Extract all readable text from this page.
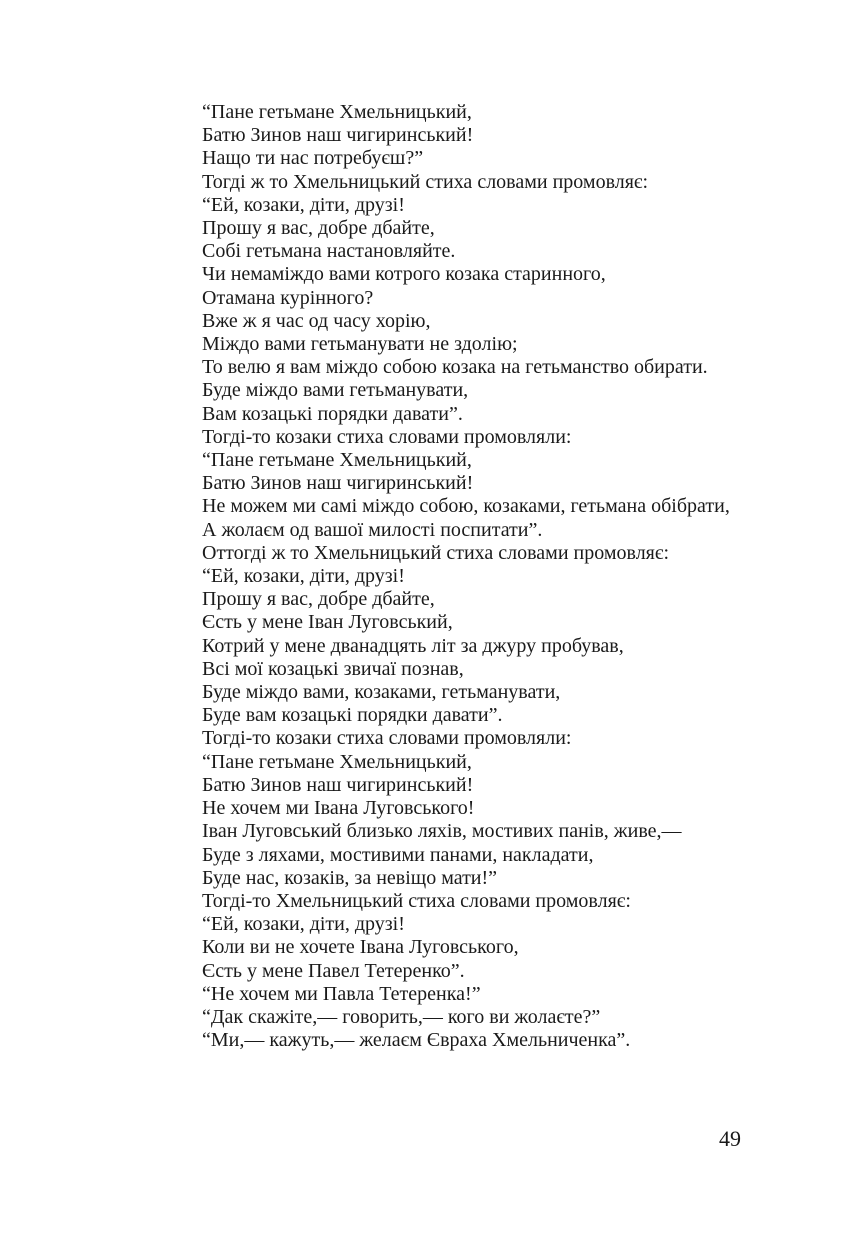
“Пане гетьмане Хмельницький,
Батю Зинов наш чигиринський!
Нащо ти нас потребуєш?”
Тогді ж то Хмельницький стиха словами промовляє:
“Ей, козаки, діти, друзі!
Прошу я вас, добре дбайте,
Собі гетьмана настановляйте.
Чи немаміждо вами котрого козака старинного,
Отамана курінного?
Вже ж я час од часу хорію,
Міждо вами гетьманувати не здолію;
То велю я вам міждо собою козака на гетьманство обирати.
Буде міждо вами гетьманувати,
Вам козацькі порядки давати”.
Тогді-то козаки стиха словами промовляли:
“Пане гетьмане Хмельницький,
Батю Зинов наш чигиринський!
Не можем ми самі міждо собою, козаками, гетьмана обібрати,
А жолаєм од вашої милості поспитати”.
Оттогді ж то Хмельницький стиха словами промовляє:
“Ей, козаки, діти, друзі!
Прошу я вас, добре дбайте,
Єсть у мене Іван Луговський,
Котрий у мене дванадцять літ за джуру пробував,
Всі мої козацькі звичаї познав,
Буде міждо вами, козаками, гетьманувати,
Буде вам козацькі порядки давати”.
Тогді-то козаки стиха словами промовляли:
“Пане гетьмане Хмельницький,
Батю Зинов наш чигиринський!
Не хочем ми Івана Луговського!
Іван Луговський близько ляхів, мостивих панів, живе,—
Буде з ляхами, мостивими панами, накладати,
Буде нас, козаків, за невіщо мати!”
Тогді-то Хмельницький стиха словами промовляє:
“Ей, козаки, діти, друзі!
Коли ви не хочете Івана Луговського,
Єсть у мене Павел Тетеренко”.
“Не хочем ми Павла Тетеренка!”
“Дак скажіте,— говорить,— кого ви жолаєте?”
“Ми,— кажуть,— желаєм Євраха Хмельниченка”.
49
